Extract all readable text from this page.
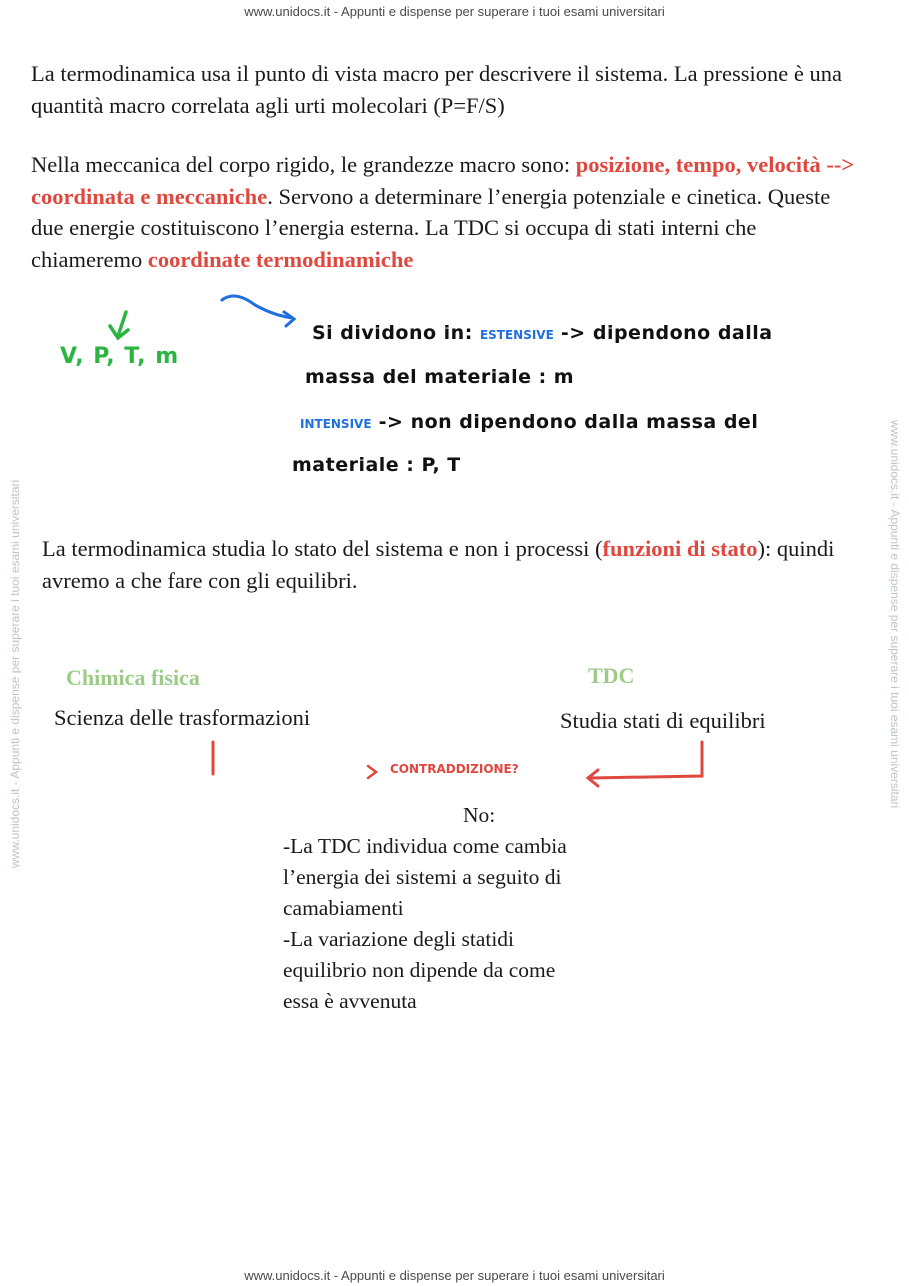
www.unidocs.it - Appunti e dispense per superare i tuoi esami universitari
www.unidocs.it - Appunti e dispense per superare i tuoi esami universitari
www.unidocs.it - Appunti e dispense per superare i tuoi esami universitari	www.unidocs.it - Appunti e dispense per superare i tuoi esami universitari

La termodinamica usa il punto di vista macro per descrivere il sistema. La pressione è una quantità macro correlata agli urti molecolari (P=F/S)

Nella meccanica del corpo rigido, le grandezze macro sono: posizione, tempo, velocità --> coordinata e meccaniche. Servono a determinare l’energia potenziale e cinetica. Queste due energie costituiscono l’energia esterna. La TDC si occupa di stati interni che chiameremo coordinate termodinamiche

V, P, T, m
Si dividono in: ESTENSIVE -> dipendono dalla
massa del materiale : m
INTENSIVE -> non dipendono dalla massa del
materiale : P, T

La termodinamica studia lo stato del sistema e non i processi (funzioni di stato): quindi avremo a che fare con gli equilibri.

Chimica fisica
Scienza delle trasformazioni
TDC
Studia stati di equilibri
CONTRADDIZIONE?
No:
-La TDC individua come cambia
l’energia dei sistemi a seguito di
camabiamenti
-La variazione degli statidi
equilibrio non dipende da come
essa è avvenuta
